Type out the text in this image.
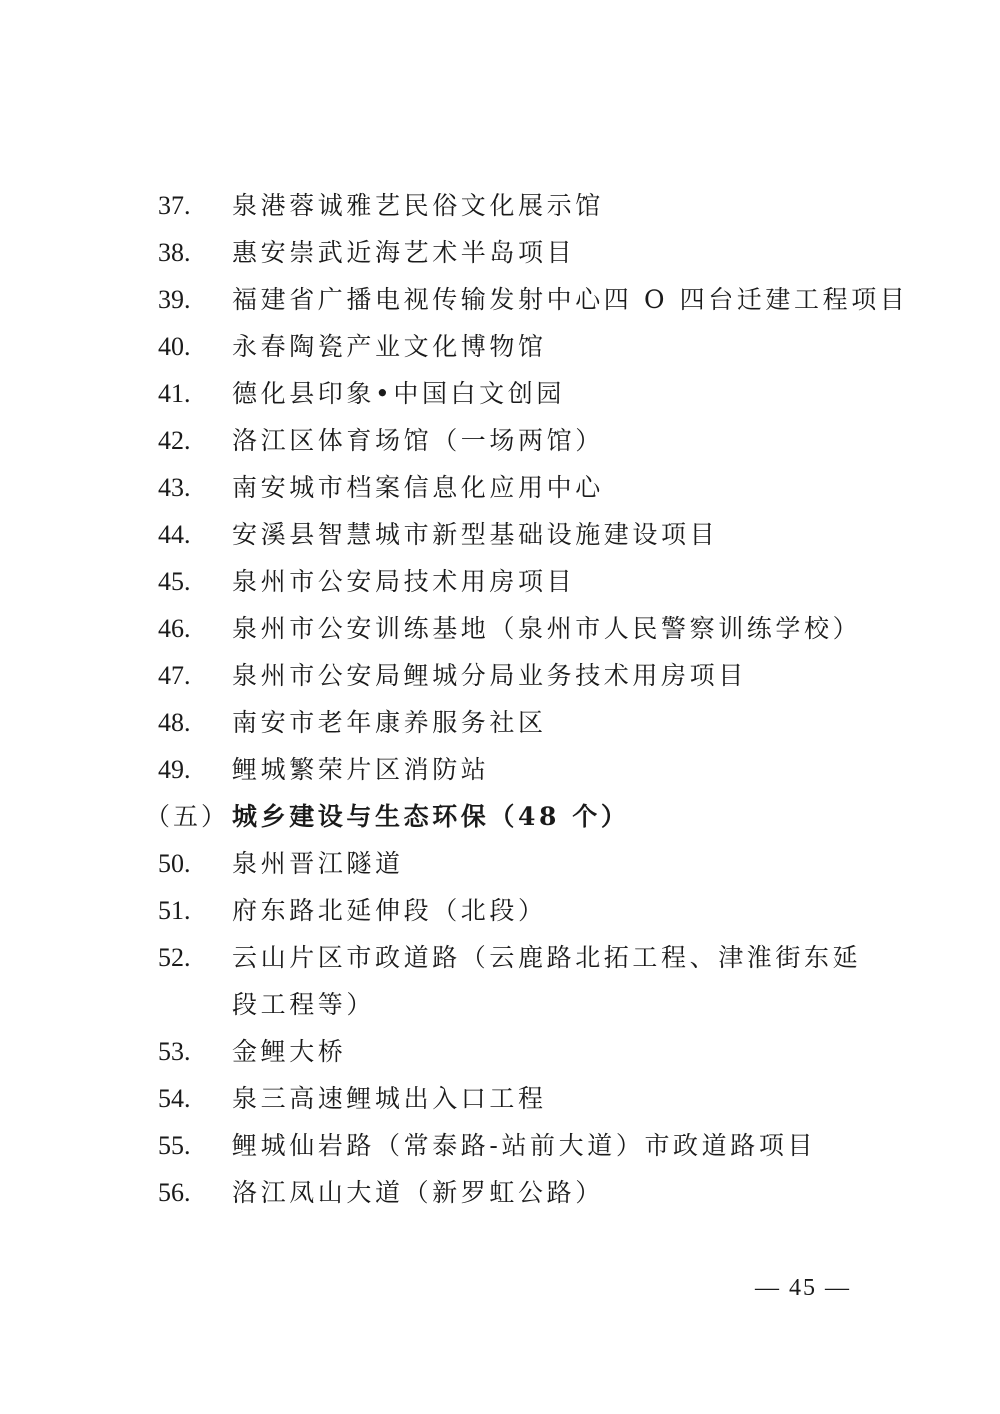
37. 泉港蓉诚雅艺民俗文化展示馆
38. 惠安崇武近海艺术半岛项目
39. 福建省广播电视传输发射中心四 O 四台迁建工程项目
40. 永春陶瓷产业文化博物馆
41. 德化县印象•中国白文创园
42. 洛江区体育场馆（一场两馆）
43. 南安城市档案信息化应用中心
44. 安溪县智慧城市新型基础设施建设项目
45. 泉州市公安局技术用房项目
46. 泉州市公安训练基地（泉州市人民警察训练学校）
47. 泉州市公安局鲤城分局业务技术用房项目
48. 南安市老年康养服务社区
49. 鲤城繁荣片区消防站
（五） 城乡建设与生态环保（48 个）
50. 泉州晋江隧道
51. 府东路北延伸段（北段）
52. 云山片区市政道路（云鹿路北拓工程、津淮街东延段工程等）
53. 金鲤大桥
54. 泉三高速鲤城出入口工程
55. 鲤城仙岩路（常泰路-站前大道）市政道路项目
56. 洛江凤山大道（新罗虹公路）
— 45 —
